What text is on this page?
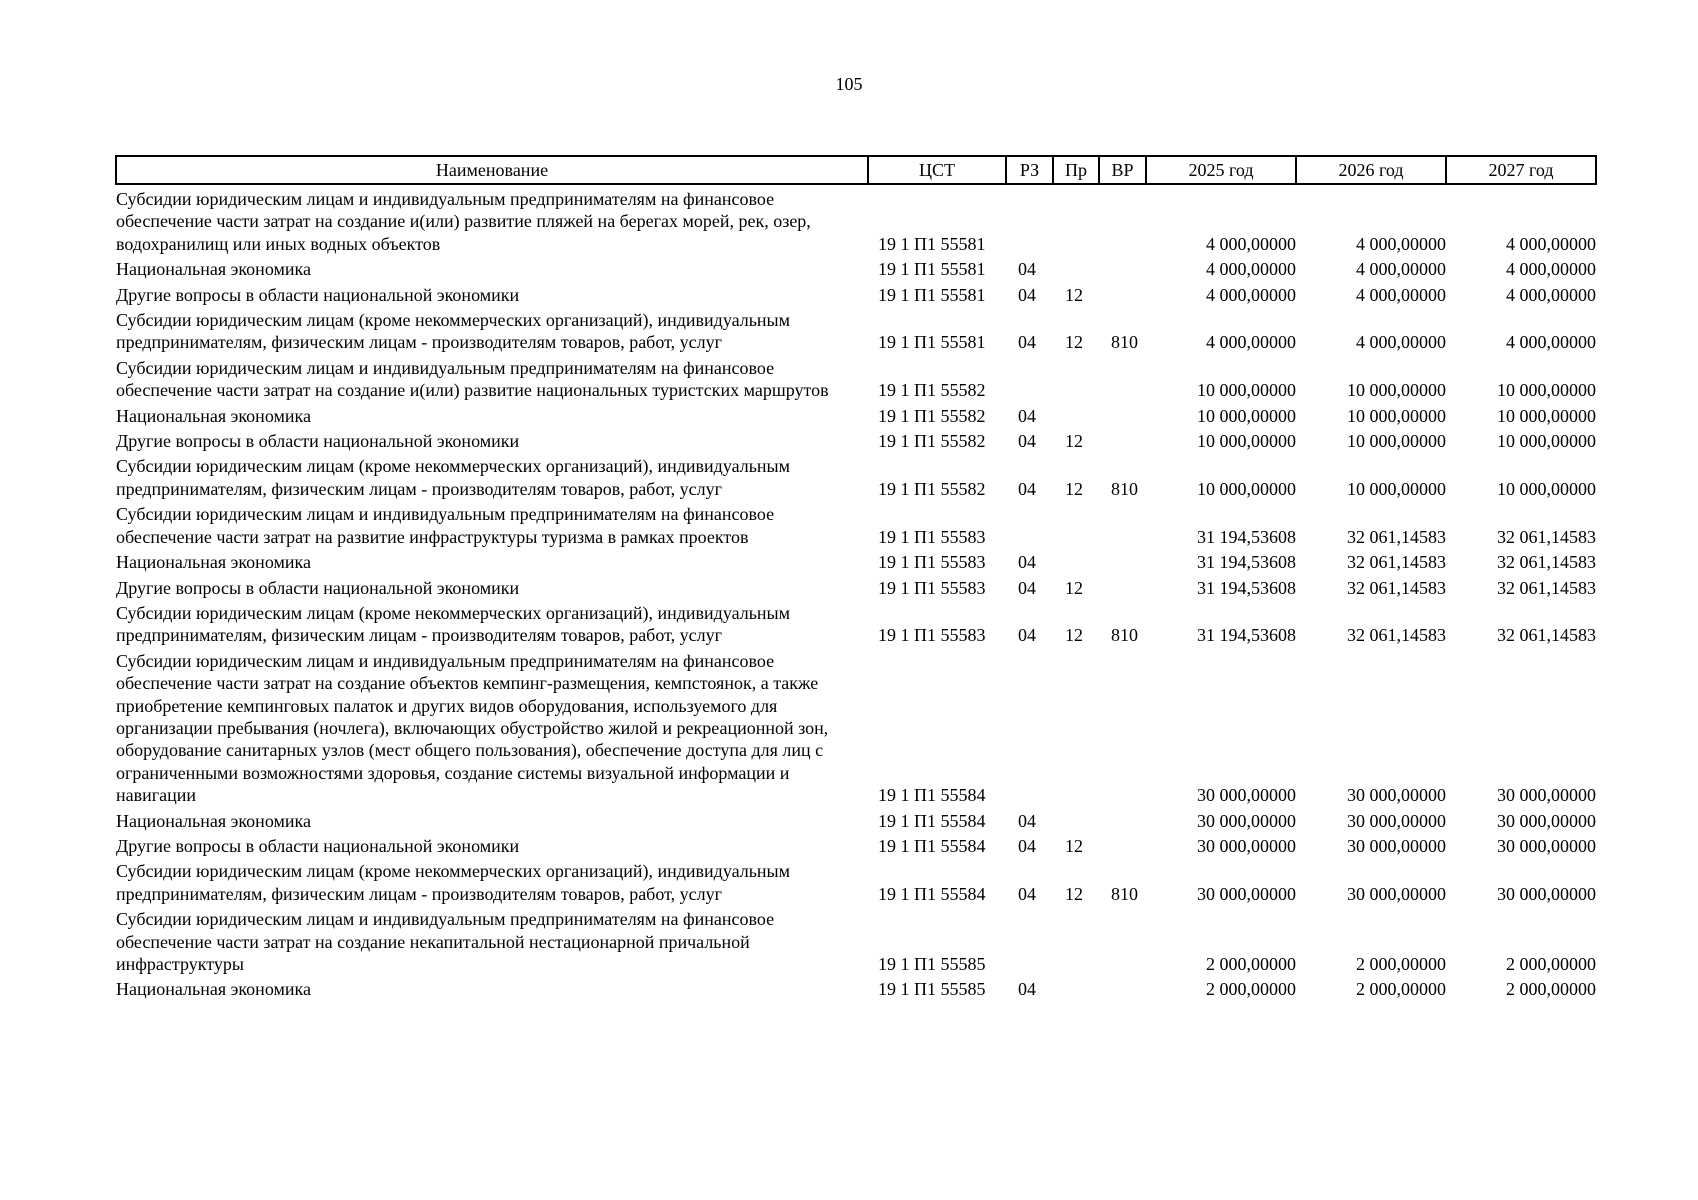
105
Наименование	ЦСТ	РЗ	Пр	ВР	2025 год	2026 год	2027 год
Субсидии юридическим лицам и индивидуальным предпринимателям на финансовое обеспечение части затрат на создание и(или) развитие пляжей на берегах морей, рек, озер, водохранилищ или иных водных объектов	19 1 П1 55581				4 000,00000	4 000,00000	4 000,00000
Национальная экономика	19 1 П1 55581	04			4 000,00000	4 000,00000	4 000,00000
Другие вопросы в области национальной экономики	19 1 П1 55581	04	12		4 000,00000	4 000,00000	4 000,00000
Субсидии юридическим лицам (кроме некоммерческих организаций), индивидуальным предпринимателям, физическим лицам - производителям товаров, работ, услуг	19 1 П1 55581	04	12	810	4 000,00000	4 000,00000	4 000,00000
Субсидии юридическим лицам и индивидуальным предпринимателям на финансовое обеспечение части затрат на создание и(или) развитие национальных туристских маршрутов	19 1 П1 55582				10 000,00000	10 000,00000	10 000,00000
Национальная экономика	19 1 П1 55582	04			10 000,00000	10 000,00000	10 000,00000
Другие вопросы в области национальной экономики	19 1 П1 55582	04	12		10 000,00000	10 000,00000	10 000,00000
Субсидии юридическим лицам (кроме некоммерческих организаций), индивидуальным предпринимателям, физическим лицам - производителям товаров, работ, услуг	19 1 П1 55582	04	12	810	10 000,00000	10 000,00000	10 000,00000
Субсидии юридическим лицам и индивидуальным предпринимателям на финансовое обеспечение части затрат на развитие инфраструктуры туризма в рамках проектов	19 1 П1 55583				31 194,53608	32 061,14583	32 061,14583
Национальная экономика	19 1 П1 55583	04			31 194,53608	32 061,14583	32 061,14583
Другие вопросы в области национальной экономики	19 1 П1 55583	04	12		31 194,53608	32 061,14583	32 061,14583
Субсидии юридическим лицам (кроме некоммерческих организаций), индивидуальным предпринимателям, физическим лицам - производителям товаров, работ, услуг	19 1 П1 55583	04	12	810	31 194,53608	32 061,14583	32 061,14583
Субсидии юридическим лицам и индивидуальным предпринимателям на финансовое обеспечение части затрат на создание объектов кемпинг-размещения, кемпстоянок, а также приобретение кемпинговых палаток и других видов оборудования, используемого для организации пребывания (ночлега), включающих обустройство жилой и рекреационной зон, оборудование санитарных узлов (мест общего пользования), обеспечение доступа для лиц с ограниченными возможностями здоровья, создание системы визуальной информации и навигации	19 1 П1 55584				30 000,00000	30 000,00000	30 000,00000
Национальная экономика	19 1 П1 55584	04			30 000,00000	30 000,00000	30 000,00000
Другие вопросы в области национальной экономики	19 1 П1 55584	04	12		30 000,00000	30 000,00000	30 000,00000
Субсидии юридическим лицам (кроме некоммерческих организаций), индивидуальным предпринимателям, физическим лицам - производителям товаров, работ, услуг	19 1 П1 55584	04	12	810	30 000,00000	30 000,00000	30 000,00000
Субсидии юридическим лицам и индивидуальным предпринимателям на финансовое обеспечение части затрат на создание некапитальной нестационарной причальной инфраструктуры	19 1 П1 55585				2 000,00000	2 000,00000	2 000,00000
Национальная экономика	19 1 П1 55585	04			2 000,00000	2 000,00000	2 000,00000
